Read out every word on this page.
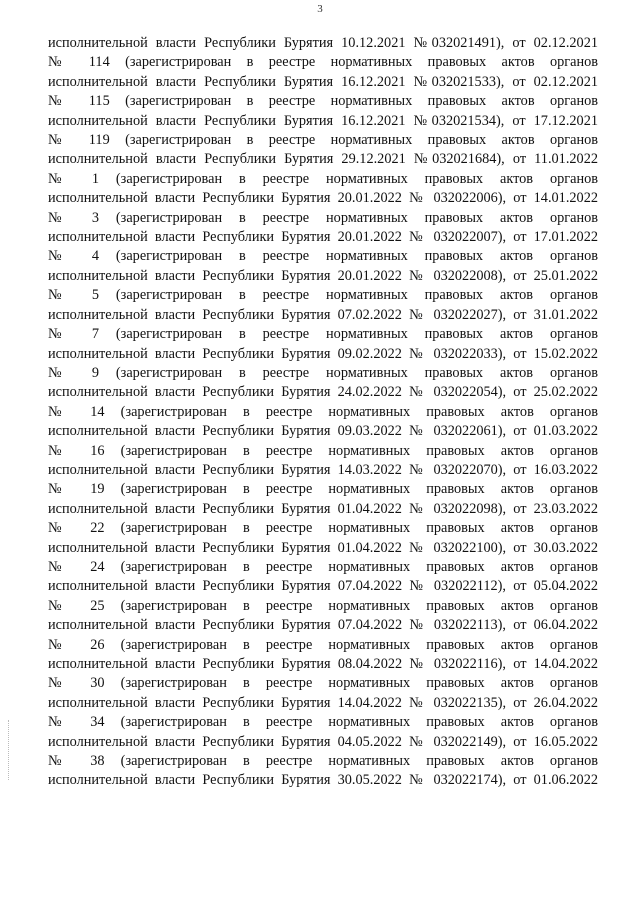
3
исполнительной власти Республики Бурятия 10.12.2021 №032021491), от 02.12.2021
№ 114 (зарегистрирован в реестре нормативных правовых актов органов
исполнительной власти Республики Бурятия 16.12.2021 №032021533), от 02.12.2021
№ 115 (зарегистрирован в реестре нормативных правовых актов органов
исполнительной власти Республики Бурятия 16.12.2021 №032021534), от 17.12.2021
№ 119 (зарегистрирован в реестре нормативных правовых актов органов
исполнительной власти Республики Бурятия 29.12.2021 №032021684), от 11.01.2022
№ 1 (зарегистрирован в реестре нормативных правовых актов органов
исполнительной власти Республики Бурятия 20.01.2022 № 032022006), от 14.01.2022
№ 3 (зарегистрирован в реестре нормативных правовых актов органов
исполнительной власти Республики Бурятия 20.01.2022 № 032022007), от 17.01.2022
№ 4 (зарегистрирован в реестре нормативных правовых актов органов
исполнительной власти Республики Бурятия 20.01.2022 № 032022008), от 25.01.2022
№ 5 (зарегистрирован в реестре нормативных правовых актов органов
исполнительной власти Республики Бурятия 07.02.2022 № 032022027), от 31.01.2022
№ 7 (зарегистрирован в реестре нормативных правовых актов органов
исполнительной власти Республики Бурятия 09.02.2022 № 032022033), от 15.02.2022
№ 9 (зарегистрирован в реестре нормативных правовых актов органов
исполнительной власти Республики Бурятия 24.02.2022 № 032022054), от 25.02.2022
№ 14 (зарегистрирован в реестре нормативных правовых актов органов
исполнительной власти Республики Бурятия 09.03.2022 № 032022061), от 01.03.2022
№ 16 (зарегистрирован в реестре нормативных правовых актов органов
исполнительной власти Республики Бурятия 14.03.2022 № 032022070), от 16.03.2022
№ 19 (зарегистрирован в реестре нормативных правовых актов органов
исполнительной власти Республики Бурятия 01.04.2022 № 032022098), от 23.03.2022
№ 22 (зарегистрирован в реестре нормативных правовых актов органов
исполнительной власти Республики Бурятия 01.04.2022 № 032022100), от 30.03.2022
№ 24 (зарегистрирован в реестре нормативных правовых актов органов
исполнительной власти Республики Бурятия 07.04.2022 № 032022112), от 05.04.2022
№ 25 (зарегистрирован в реестре нормативных правовых актов органов
исполнительной власти Республики Бурятия 07.04.2022 № 032022113), от 06.04.2022
№ 26 (зарегистрирован в реестре нормативных правовых актов органов
исполнительной власти Республики Бурятия 08.04.2022 № 032022116), от 14.04.2022
№ 30 (зарегистрирован в реестре нормативных правовых актов органов
исполнительной власти Республики Бурятия 14.04.2022 № 032022135), от 26.04.2022
№ 34 (зарегистрирован в реестре нормативных правовых актов органов
исполнительной власти Республики Бурятия 04.05.2022 № 032022149), от 16.05.2022
№ 38 (зарегистрирован в реестре нормативных правовых актов органов
исполнительной власти Республики Бурятия 30.05.2022 № 032022174), от 01.06.2022
